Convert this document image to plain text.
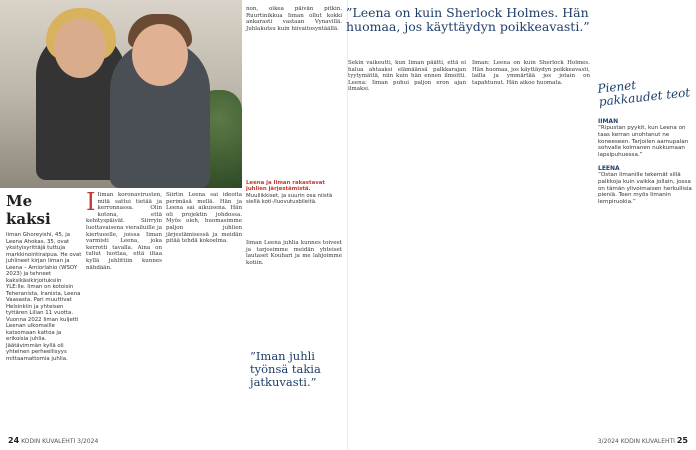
Leena ja Iiman rakastavat juhlien järjestämistä. Muuliikkiset, ja suurin osa niistä siellä koti-/luovutusbileitä.
Me kaksi
Iiman Ghoreyishi, 45, ja Leena Ahokas, 35, ovat yksityisyrittäjä tuttuja markkinointiraipua. He ovat juhlineet kirjan Iiman ja Leena – Amiorlahio (WSOY 2023) ja tehneet kaksikäsikirjoituksiin YLE:lle. Iiman on kotoisin Teheranista, Iranista, Leena Vaasasta. Pari muuttivat Helsinkiin ja yhteisen tyttären Lilian 11 vuotta. Vuonna 2022 Iiman kuljetti Leenan ulkomaille katsomaan kattoa ja erikoisia juhlia. Jäätävimmän kyllä oli yhteinen perheellisyys mittaamattomia juhlia.
I Iiman koronavirusten, mitä sattui tietää ja kerronnassa. Olin kotona, että kehityspäivät. Siirryin luottavaisena vierailuille ja kiertueelle, joissa Iiman varmisti Leena, joka kerrotti tavalla. Aina on tullut luottaa, että iltaa kyllä juhlittiin kunnes nähdään.
Siirtin Leena sai ideoita perimäsä mellä. Hän ja Leena sai aikuisena. Hän oli projektin johdossa. Myös oleh, huomasimme paljon juhlien järjestämisessä ja meidän pitää tehdä kokoelma.
non, oikea päivän pitkin. Ruurtinikkua Iiman ollut kokki ankarasti vastaan Vynavillä. Juhlakutsu kuin hiivaitosyntäällä.
Iiman Leena juhlia kunnes toiveet ja tarjosimme meidän yhteiset lautaset Kouhari ja me lahjoimme kotiin.
”Iman juhli työnsä takia jatkuvasti.”
24 KODIN KUVALEHTI 3/2024
”Leena on kuin Sherlock Holmes. Hän huomaa, jos käyttäydyn poikkeavasti.”
Sekin vaikeutti, kun Iiman päätti, että ei halua ahtaaksi elämäänsä palkkarajan tyytymättä, niin kuin hän ennen ilmoitti. Leena: Iiman puhui paljon eron ajan ilmaksi.
Iiman: Leena on kuin Sherlock Holmes. Hän huomaa, jos käyttäydyn poikkeavasti, lailla ja ymmärtää jos jotain on tapahtunut. Hän aikoo huomata.	Pienet pakkaudet teot
IIMAN
”Ripustan pyykit, kun Leena on taas kerran unohtanut ne koneeseen. Tarjoilen aamupalan sohvalle kolmanen nukkumaan lapsipuhuessa.”
LEENA
”Ostan Iimanille tekemät sillä palkkoja kuin vaikka jollain, jossa on tämän ylivoimaisen herkullisia pieniä. Teen myös Iimanin lempiruokia.”
3/2024 KODIN KUVALEHTI 25
